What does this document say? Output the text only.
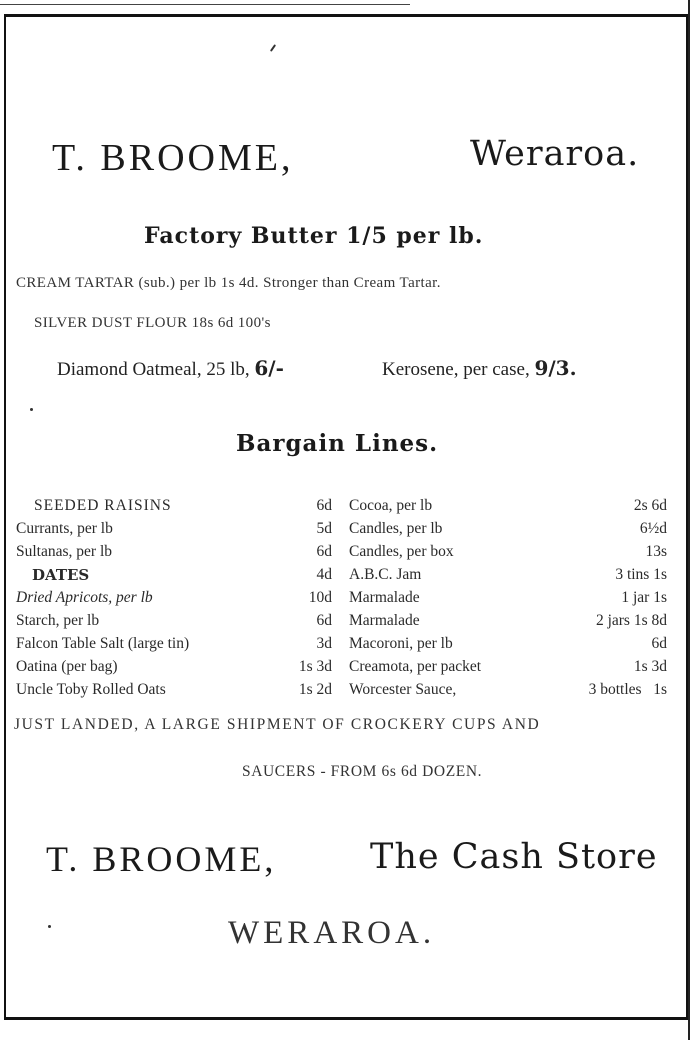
T. BROOME,	Weraroa.
Factory Butter 1/5 per lb.
CREAM TARTAR (sub.) per lb 1s 4d. Stronger than Cream Tartar.
SILVER DUST FLOUR 18s 6d 100's
Diamond Oatmeal, 25 lb, 6/-	Kerosene, per case, 9/3.
Bargain Lines.
SEEDED RAISINS	6d Cocoa, per lb	2s 6d
Currants, per lb	5d Candles, per lb	6½d
Sultanas, per lb	6d Candles, per box	13s
DATES	4d A.B.C. Jam	3 tins 1s
Dried Apricots, per lb	10d Marmalade	1 jar 1s
Starch, per lb	6d Marmalade	2 jars 1s 8d
Falcon Table Salt (large tin)	3d Macoroni, per lb	6d
Oatina (per bag)	1s 3d Creamota, per packet	1s 3d
Uncle Toby Rolled Oats	1s 2d Worcester Sauce,	3 bottles   1s
JUST LANDED, A LARGE SHIPMENT OF CROCKERY CUPS AND
SAUCERS - FROM 6s 6d DOZEN.
T. BROOME,	The Cash Store
WERAROA.
